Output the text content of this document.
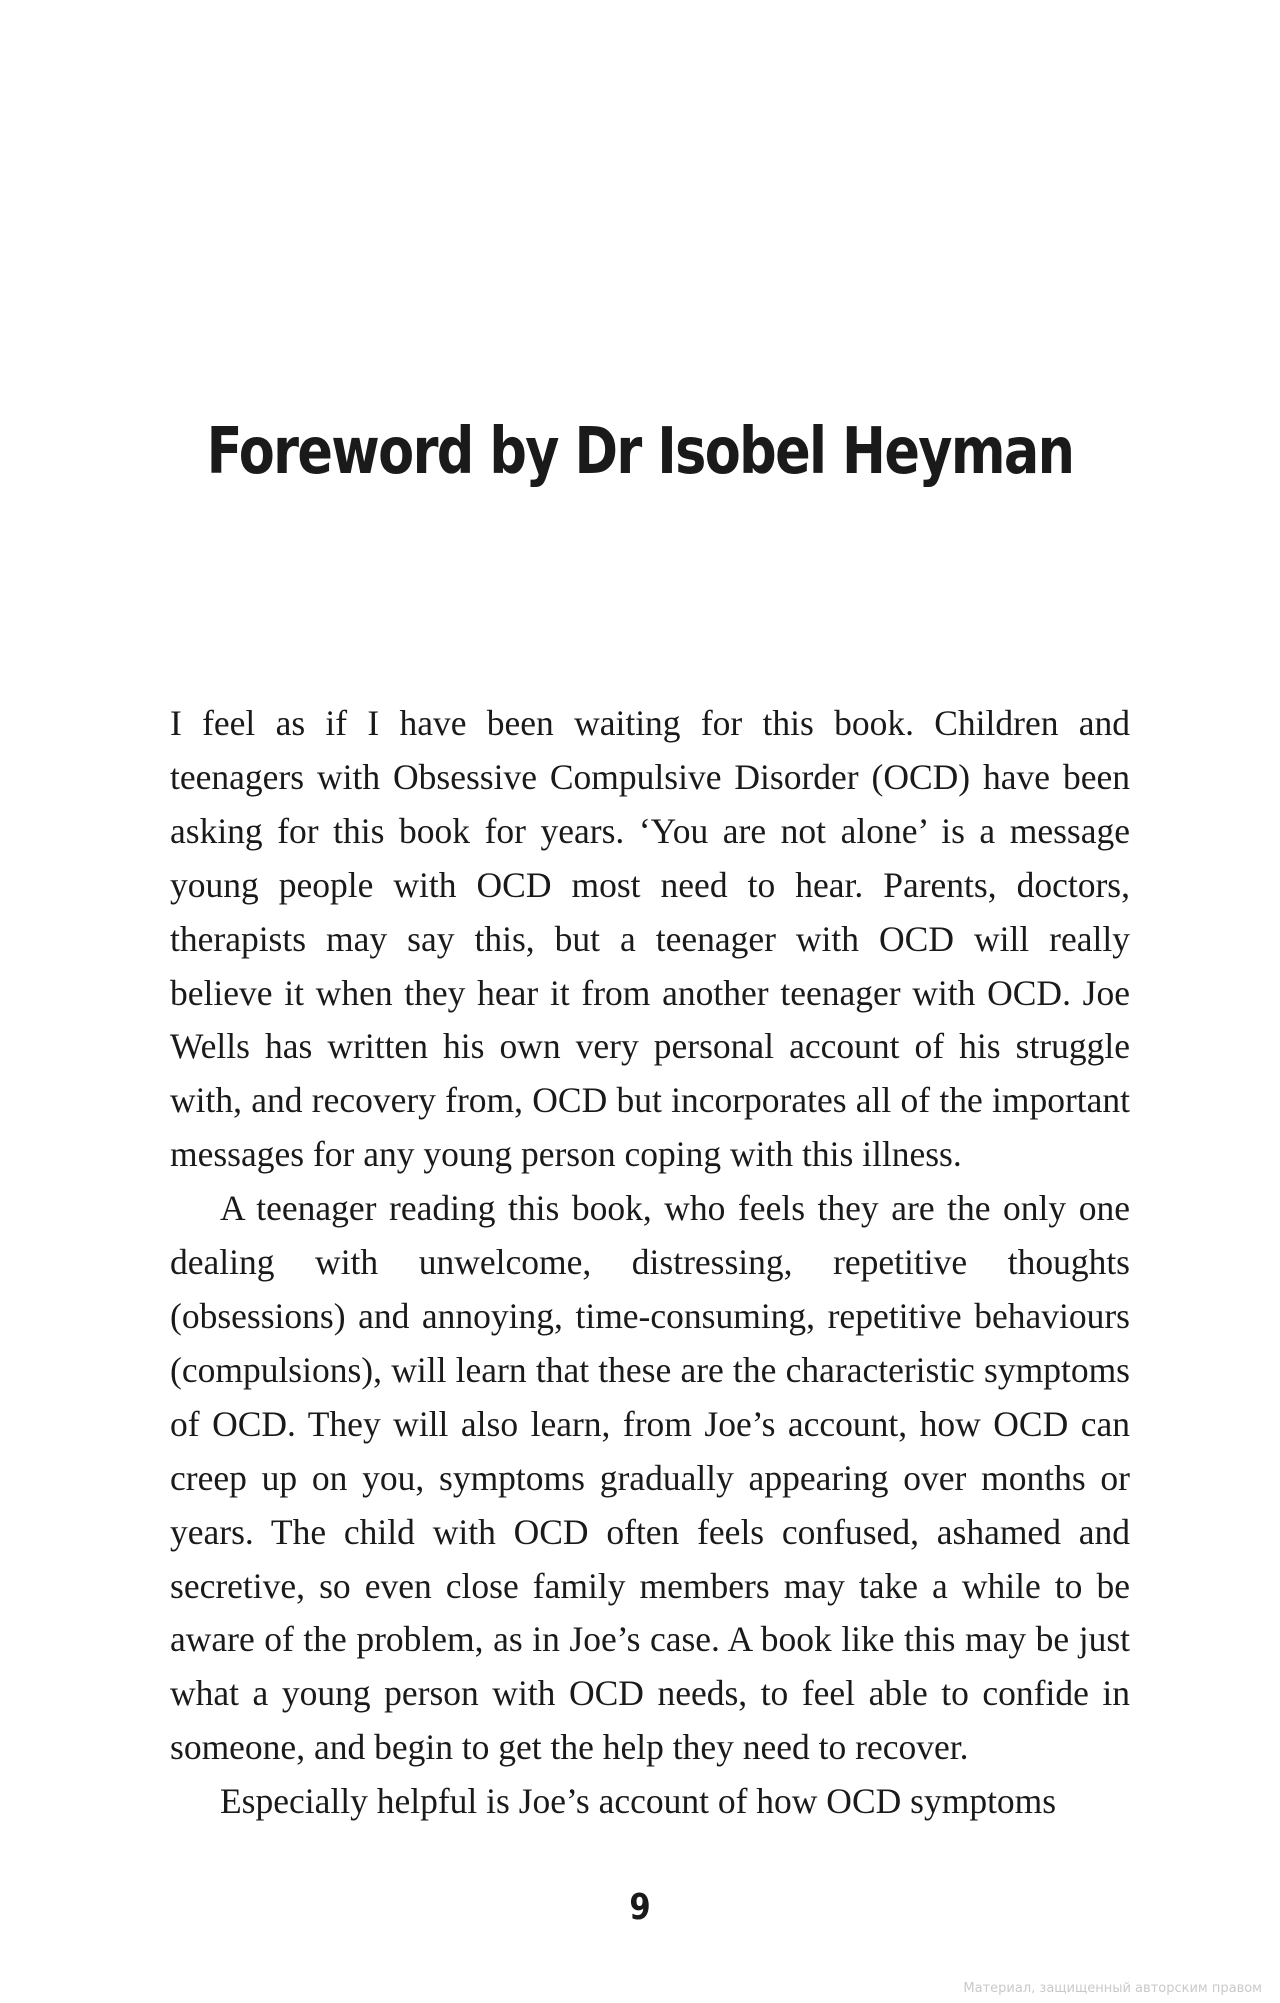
Foreword by Dr Isobel Heyman

I feel as if I have been waiting for this book. Children and teenagers with Obsessive Compulsive Disorder (OCD) have been asking for this book for years. ‘You are not alone’ is a message young people with OCD most need to hear. Parents, doctors, therapists may say this, but a teenager with OCD will really believe it when they hear it from another teenager with OCD. Joe Wells has written his own very personal account of his struggle with, and recovery from, OCD but incorporates all of the important messages for any young person coping with this illness.

A teenager reading this book, who feels they are the only one dealing with unwelcome, distressing, repetitive thoughts (obsessions) and annoying, time-consuming, repetitive behaviours (compulsions), will learn that these are the characteristic symptoms of OCD. They will also learn, from Joe’s account, how OCD can creep up on you, symptoms gradually appearing over months or years. The child with OCD often feels confused, ashamed and secretive, so even close family members may take a while to be aware of the problem, as in Joe’s case. A book like this may be just what a young person with OCD needs, to feel able to confide in someone, and begin to get the help they need to recover.

Especially helpful is Joe’s account of how OCD symptoms

9
Материал, защищенный авторским правом
